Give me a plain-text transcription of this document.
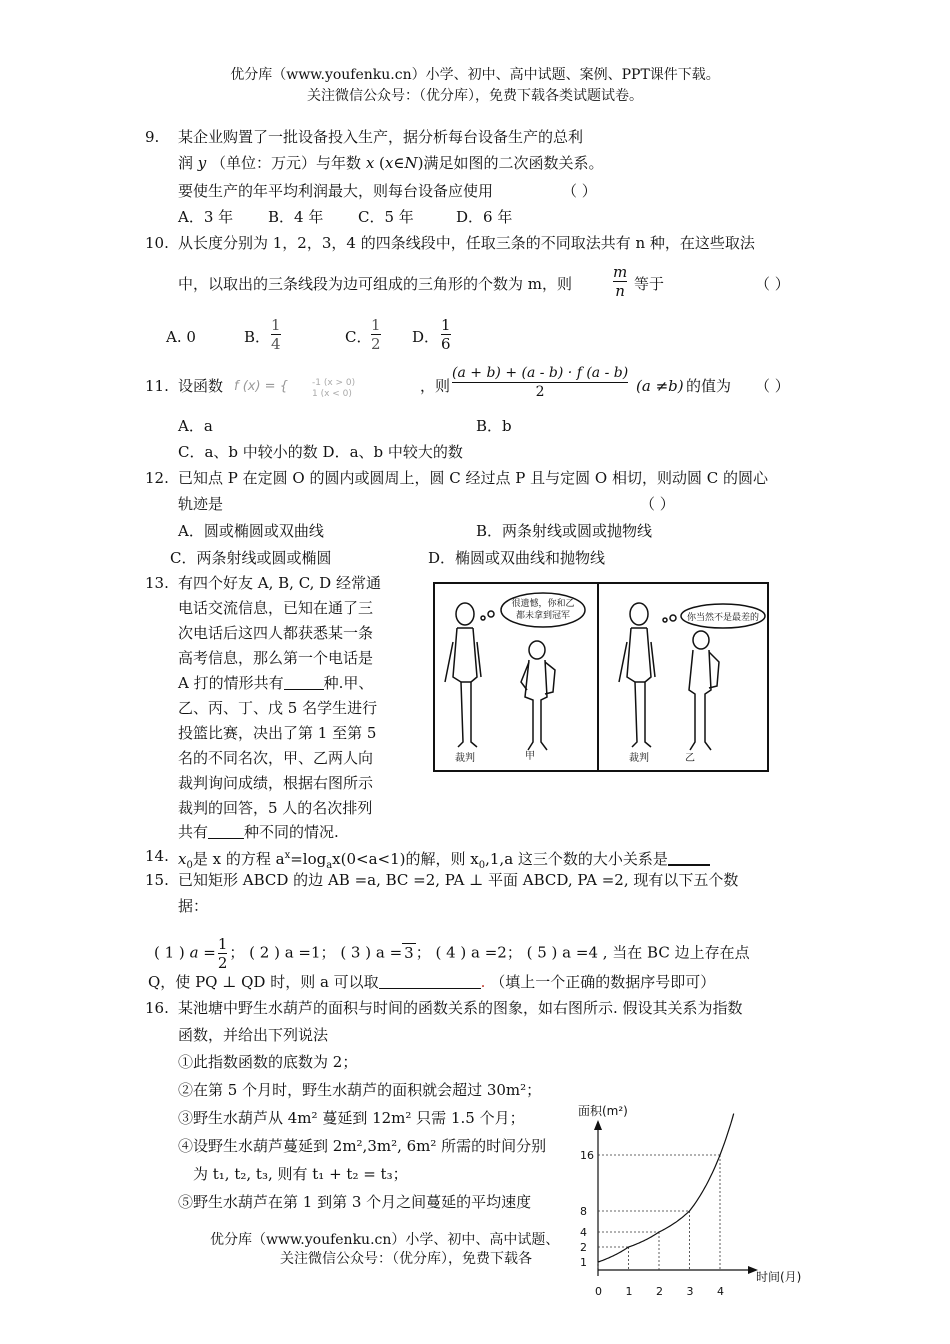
优分库（www.youfenku.cn）小学、初中、高中试题、案例、PPT课件下载。
关注微信公众号：（优分库），免费下载各类试题试卷。
9. 某企业购置了一批设备投入生产，据分析每台设备生产的总利
润 y （单位：万元）与年数 x (x∈N)满足如图的二次函数关系。
要使生产的年平均利润最大，则每台设备应使用	（ ）
A．3 年 B．4 年 C．5 年	D．6 年
10. 从长度分别为 1，2，3，4 的四条线段中，任取三条的不同取法共有 n 种，在这些取法
中，以取出的三条线段为边可组成的三角形的个数为 m，则	$\frac{m}{n}$ 等于	（ ）
A. 0	B． $\frac{1}{4}$	C． $\frac{1}{2}$ D． $\frac{1}{6}$
11. 设函数 f (x) = {	-1 (x > 0)
1 (x < 0)	，则 $\frac{(a + b) + (a - b) \cdot f (a - b)}{2} (a \ne b)$ 的值为 （ ）
A．a	B．b
C．a、b 中较小的数 D．a、b 中较大的数
12. 已知点 P 在定圆 O 的圆内或圆周上，圆 C 经过点 P 且与定圆 O 相切，则动圆 C 的圆心
轨迹是	（ ）
A．圆或椭圆或双曲线	B．两条射线或圆或抛物线
C．两条射线或圆或椭圆	D．椭圆或双曲线和抛物线
13. 有四个好友 A, B, C, D 经常通
电话交流信息，已知在通了三
次电话后这四人都获悉某一条
高考信息，那么第一个电话是
A 打的情形共有	种.甲、
乙、丙、丁、戊 5 名学生进行
投篮比赛，决出了第 1 至第 5
名的不同名次，甲、乙两人向
裁判询问成绩，根据右图所示
裁判的回答，5 人的名次排列
共有 种不同的情况.
很遗憾，你和乙
都未拿到冠军
裁判	甲
你当然不是最差的
裁判	乙
14. $x_0$是 x 的方程 $a^x=\log_ax(0<a<1)$的解，则 $x_0,1,a$ 这三个数的大小关系是
15. 已知矩形 ABCD 的边 AB =a, BC =2, PA ⊥ 平面 ABCD, PA =2, 现有以下五个数
据：
( 1 ) $a = \frac{1}{2}$ ； ( 2 ) a =1； ( 3 ) a = 3 ； ( 4 ) a =2； ( 5 ) a =4 , 当在 BC 边上存在点
Q，使 PQ ⊥ QD 时，则 a 可以取	. （填上一个正确的数据序号即可）
16. 某池塘中野生水葫芦的面积与时间的函数关系的图象，如右图所示. 假设其关系为指数
函数，并给出下列说法
①此指数函数的底数为 2；
②在第 5 个月时，野生水葫芦的面积就会超过 30m²；
③野生水葫芦从 4m² 蔓延到 12m² 只需 1.5 个月；
④设野生水葫芦蔓延到 2m²,3m², 6m² 所需的时间分别
为 t₁, t₂, t₃, 则有 t₁ + t₂ = t₃；
⑤野生水葫芦在第 1 到第 3 个月之间蔓延的平均速度
优分库（www.youfenku.cn）小学、初中、高中试题、
关注微信公众号：（优分库），免费下载各
面积(m²)
时间(月)
0 1 2 3 4
1
2
4
8
16
